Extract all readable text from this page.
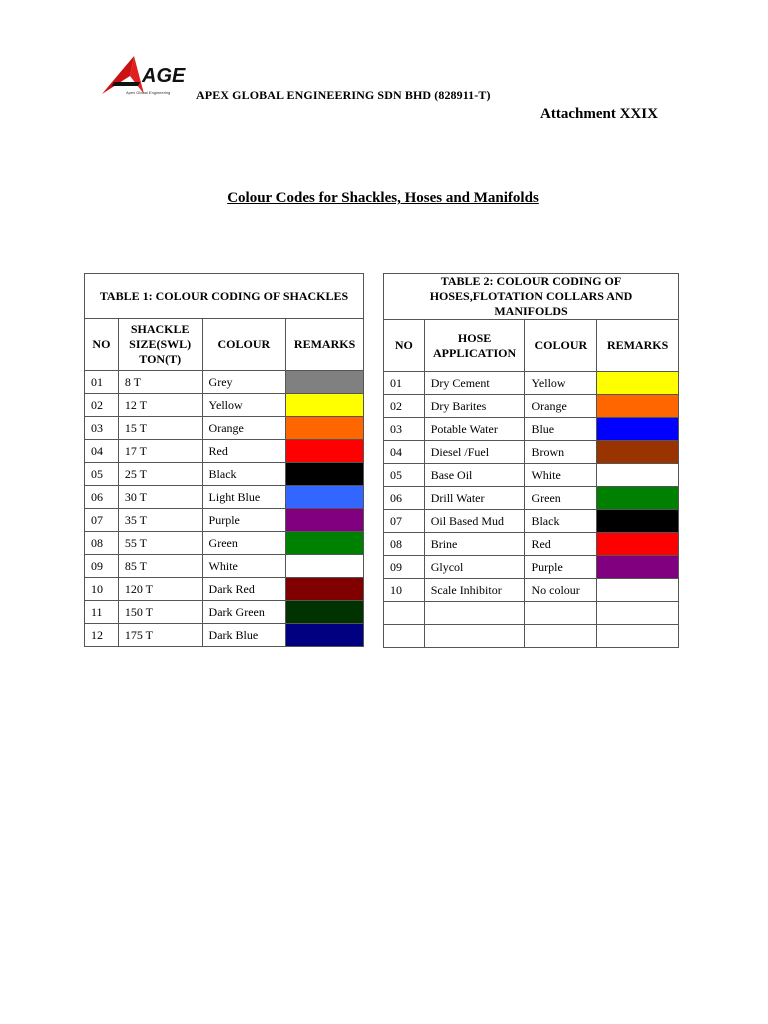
AGE
Apex Global Engineering APEX GLOBAL ENGINEERING SDN BHD (828911-T)
Attachment XXIX
Colour Codes for Shackles, Hoses and Manifolds
TABLE 1: COLOUR CODING OF SHACKLES			
NO	SHACKLE SIZE(SWL) TON(T)	COLOUR	REMARKS
01	8 T	Grey	

02	12 T	Yellow	

03	15 T	Orange	

04	17 T	Red	

05	25 T	Black	

06	30 T	Light Blue	

07	35 T	Purple	

08	55 T	Green	

09	85 T	White	

10	120 T	Dark Red	

11	150 T	Dark Green	

12	175 T	Dark Blue	
TABLE 2: COLOUR CODING OF HOSES,FLOTATION COLLARS AND MANIFOLDS			
NO	HOSE APPLICATION	COLOUR	REMARKS
01	Dry Cement	Yellow	

02	Dry Barites	Orange	

03	Potable Water	Blue	

04	Diesel /Fuel	Brown	

05	Base Oil	White	

06	Drill Water	Green	

07	Oil Based Mud	Black	

08	Brine	Red	

09	Glycol	Purple	

10	Scale Inhibitor	No colour	
